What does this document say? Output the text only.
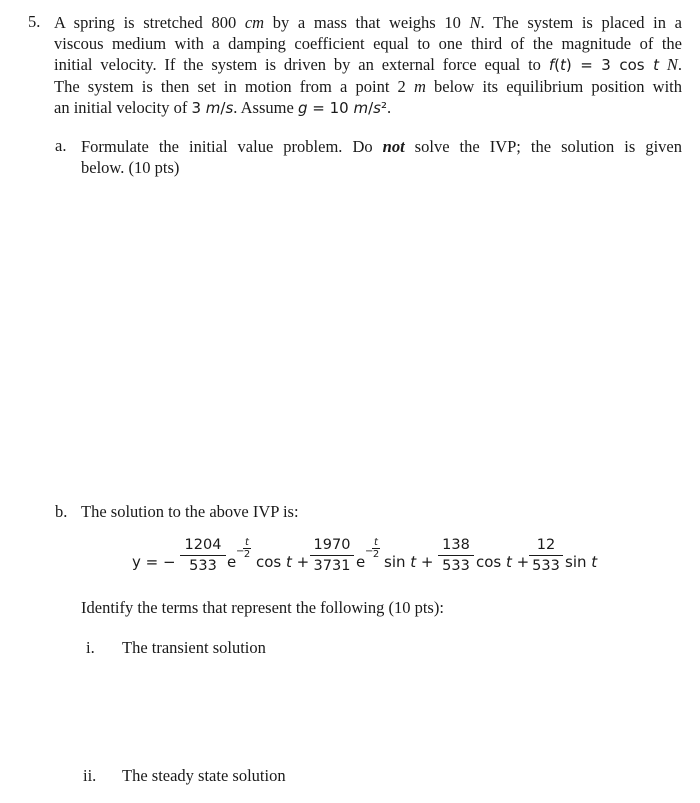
5. A spring is stretched 800 cm by a mass that weighs 10 N. The system is placed in a
viscous medium with a damping coefficient equal to one third of the magnitude of the
initial velocity. If the system is driven by an external force equal to f(t) = 3 cos t N.
The system is then set in motion from a point 2 m below its equilibrium position with
an initial velocity of 3 m/s. Assume g = 10 m/s².
a. Formulate the initial value problem. Do not solve the IVP; the solution is given
below. (10 pts)
b. The solution to the above IVP is:
y = −
1204
533 e
−
t
2 cos t +
1970
3731 e
−
t
2 sin t +
138
533 cos t +
12
533 sin t
Identify the terms that represent the following (10 pts):
i. The transient solution
ii. The steady state solution
